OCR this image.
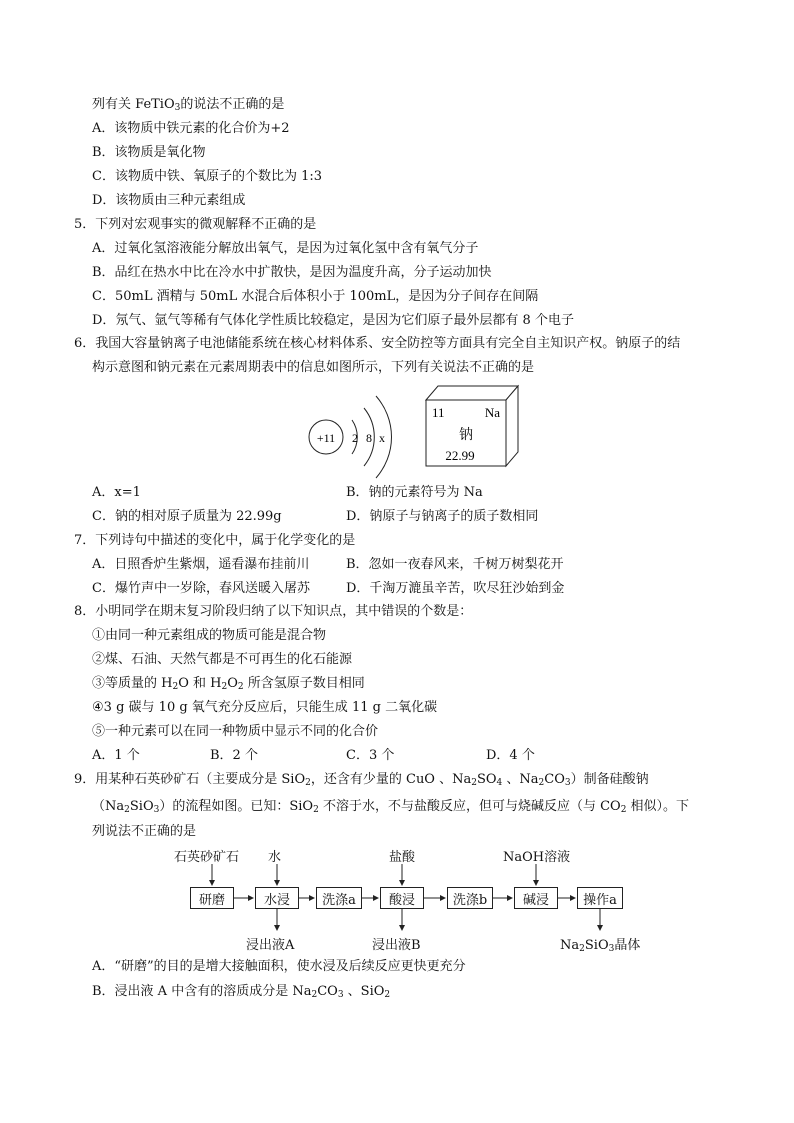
列有关 FeTiO$_3$的说法不正确的是
A．该物质中铁元素的化合价为+2
B．该物质是氧化物
C．该物质中铁、氧原子的个数比为 1:3
D．该物质由三种元素组成
5．下列对宏观事实的微观解释不正确的是
A．过氧化氢溶液能分解放出氧气，是因为过氧化氢中含有氧气分子
B．品红在热水中比在冷水中扩散快，是因为温度升高，分子运动加快
C．50mL 酒精与 50mL 水混合后体积小于 100mL，是因为分子间存在间隔
D．氖气、氩气等稀有气体化学性质比较稳定，是因为它们原子最外层都有 8 个电子
6．我国大容量钠离子电池储能系统在核心材料体系、安全防控等方面具有完全自主知识产权。钠原子的结
构示意图和钠元素在元素周期表中的信息如图所示，下列有关说法不正确的是
+11 2 8 x
11	Na
钠
22.99
A．x=1	B．钠的元素符号为 Na
C．钠的相对原子质量为 22.99g	D．钠原子与钠离子的质子数相同
7．下列诗句中描述的变化中，属于化学变化的是
A．日照香炉生紫烟，遥看瀑布挂前川	B．忽如一夜春风来，千树万树梨花开
C．爆竹声中一岁除，春风送暖入屠苏	D．千淘万漉虽辛苦，吹尽狂沙始到金
8．小明同学在期末复习阶段归纳了以下知识点，其中错误的个数是：
①由同一种元素组成的物质可能是混合物
②煤、石油、天然气都是不可再生的化石能源
③等质量的 $H_2O$ 和 $H_2O_2$ 所含氢原子数目相同
④3 g 碳与 10 g 氧气充分反应后，只能生成 11 g 二氧化碳
⑤一种元素可以在同一种物质中显示不同的化合价
A．1 个	B．2 个	C．3 个	D．4 个
9．用某种石英砂矿石（主要成分是 SiO$_2$，还含有少量的 CuO 、$Na_2SO_4$ 、$Na_2CO_3$）制备硅酸钠
$(Na_2SiO_3)$的流程如图。已知：SiO$_2$ 不溶于水，不与盐酸反应，但可与烧碱反应（与 $CO_2$ 相似）。下
列说法不正确的是
石英砂矿石 水	盐酸	NaOH溶液
研磨	水浸	洗涤a	酸浸	洗涤b	碱浸	操作a
浸出液A	浸出液B	$Na_2SiO_3$晶体
A．“研磨”的目的是增大接触面积，使水浸及后续反应更快更充分
B．浸出液 A 中含有的溶质成分是 $Na_2CO_3$ 、SiO$_2$
